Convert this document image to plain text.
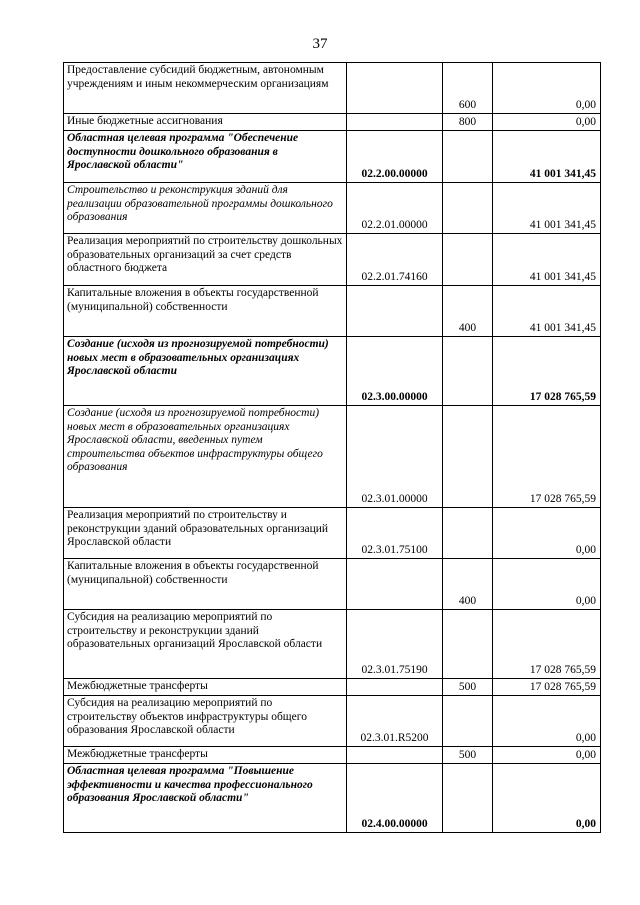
37
Предоставление субсидий бюджетным, автономным учреждениям и иным некоммерческим организациям		600	0,00
Иные бюджетные ассигнования		800	0,00
Областная целевая программа "Обеспечение доступности дошкольного образования в Ярославской области"	02.2.00.00000		41 001 341,45
Строительство и реконструкция зданий для реализации образовательной программы дошкольного образования	02.2.01.00000		41 001 341,45
Реализация мероприятий по строительству дошкольных образовательных организаций за счет средств областного бюджета	02.2.01.74160		41 001 341,45
Капитальные вложения в объекты государственной (муниципальной) собственности		400	41 001 341,45
Создание (исходя из прогнозируемой потребности) новых мест в образовательных организациях Ярославской области	02.3.00.00000		17 028 765,59
Создание (исходя из прогнозируемой потребности) новых мест в образовательных организациях Ярославской области, введенных путем строительства объектов инфраструктуры общего образования	02.3.01.00000		17 028 765,59
Реализация мероприятий по строительству и реконструкции зданий образовательных организаций Ярославской области	02.3.01.75100		0,00
Капитальные вложения в объекты государственной (муниципальной) собственности		400	0,00
Субсидия на реализацию мероприятий по строительству и реконструкции зданий образовательных организаций Ярославской области	02.3.01.75190		17 028 765,59
Межбюджетные трансферты		500	17 028 765,59
Субсидия на реализацию мероприятий по строительству объектов инфраструктуры общего образования Ярославской области	02.3.01.R5200		0,00
Межбюджетные трансферты		500	0,00
Областная целевая программа "Повышение эффективности и качества профессионального образования Ярославской области"	02.4.00.00000		0,00
